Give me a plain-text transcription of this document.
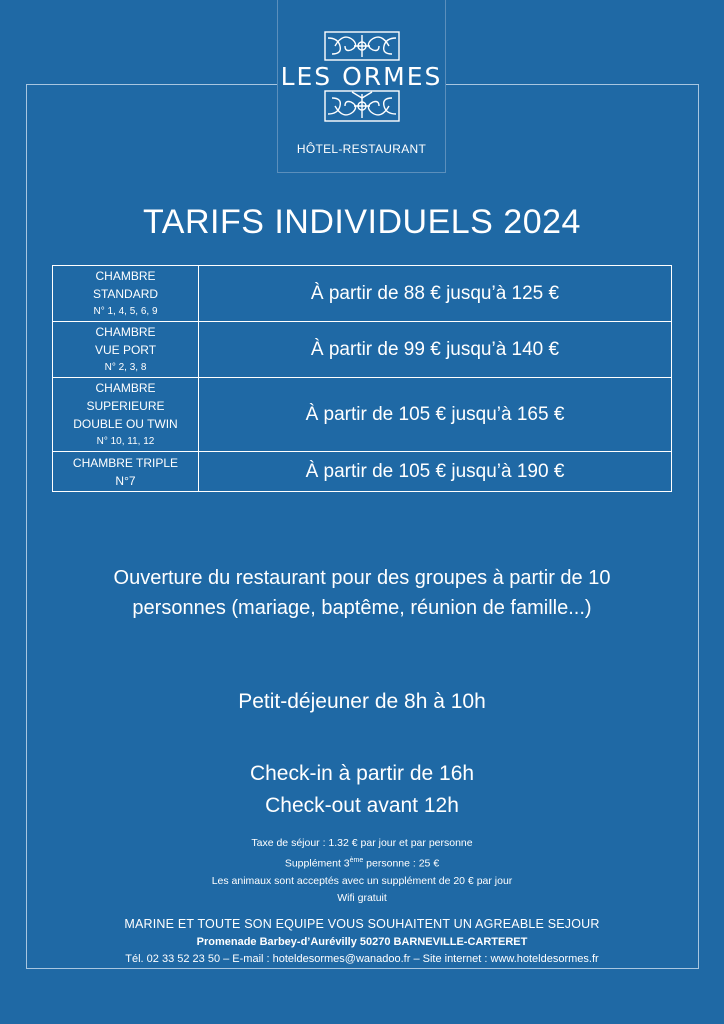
LES ORMES
HÔTEL-RESTAURANT
TARIFS INDIVIDUELS 2024
CHAMBRE
STANDARD
N° 1, 4, 5, 6, 9	À partir de 88 € jusqu’à 125 €
CHAMBRE
VUE PORT
N° 2, 3, 8	À partir de 99 € jusqu’à 140 €
CHAMBRE
SUPERIEURE
DOUBLE OU TWIN
N° 10, 11, 12	À partir de 105 € jusqu’à 165 €
CHAMBRE TRIPLE
N°7	À partir de 105 € jusqu’à 190 €
Ouverture du restaurant pour des groupes à partir de 10
personnes (mariage, baptême, réunion de famille...)
Petit-déjeuner de 8h à 10h
Check-in à partir de 16h
Check-out avant 12h
Taxe de séjour : 1.32 € par jour et par personne
Supplément 3ème personne : 25 €
Les animaux sont acceptés avec un supplément de 20 € par jour
Wifi gratuit
MARINE ET TOUTE SON EQUIPE VOUS SOUHAITENT UN AGREABLE SEJOUR
Promenade Barbey-d’Aurévilly 50270 BARNEVILLE-CARTERET
Tél. 02 33 52 23 50 – E-mail : hoteldesormes@wanadoo.fr – Site internet : www.hoteldesormes.fr
